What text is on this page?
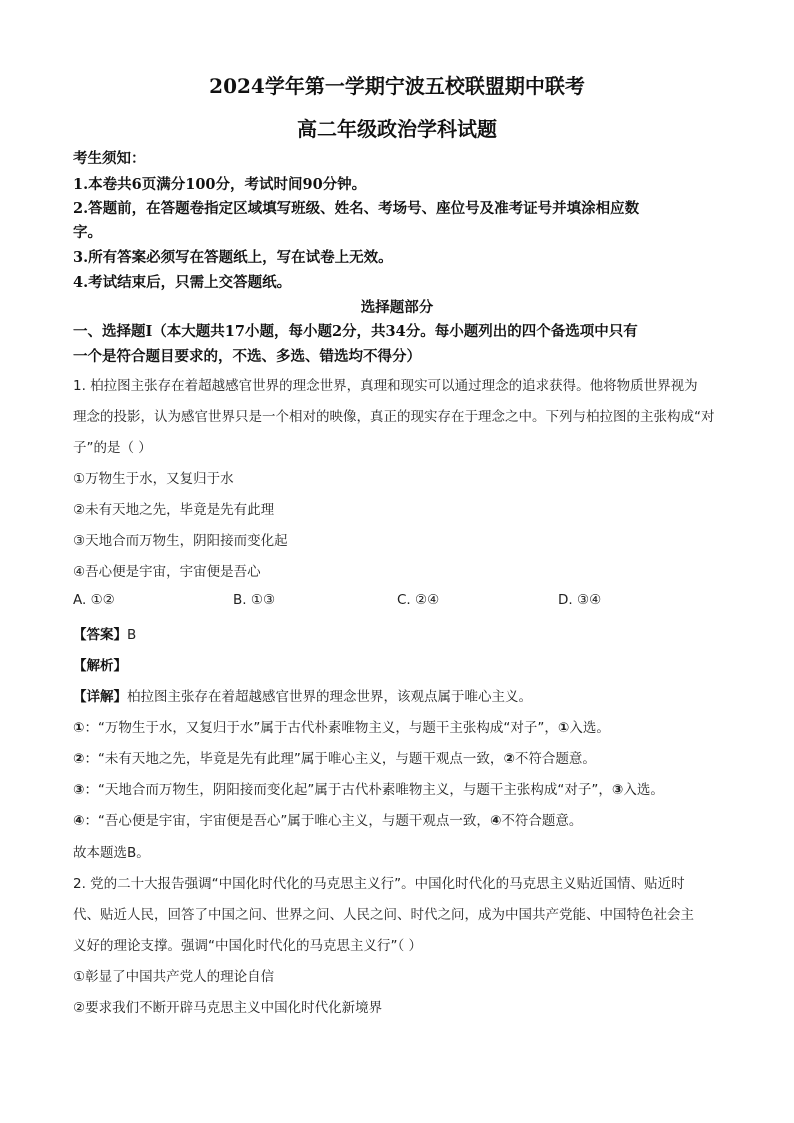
2024学年第一学期宁波五校联盟期中联考
高二年级政治学科试题
考生须知：
1.本卷共6页满分100分，考试时间90分钟。
2.答题前，在答题卷指定区域填写班级、姓名、考场号、座位号及准考证号并填涂相应数
字。
3.所有答案必须写在答题纸上，写在试卷上无效。
4.考试结束后，只需上交答题纸。
选择题部分
一、选择题Ⅰ（本大题共17小题，每小题2分，共34分。每小题列出的四个备选项中只有
一个是符合题目要求的，不选、多选、错选均不得分）
1. 柏拉图主张存在着超越感官世界的理念世界，真理和现实可以通过理念的追求获得。他将物质世界视为
理念的投影，认为感官世界只是一个相对的映像，真正的现实存在于理念之中。下列与柏拉图的主张构成“对
子”的是（ ）
①万物生于水，又复归于水
②未有天地之先，毕竟是先有此理
③天地合而万物生，阴阳接而变化起
④吾心便是宇宙，宇宙便是吾心
A. ①②	B. ①③	C. ②④	D. ③④
【答案】B
【解析】
【详解】柏拉图主张存在着超越感官世界的理念世界，该观点属于唯心主义。
①：“万物生于水，又复归于水”属于古代朴素唯物主义，与题干主张构成“对子”，①入选。
②：“未有天地之先，毕竟是先有此理”属于唯心主义，与题干观点一致，②不符合题意。
③：“天地合而万物生，阴阳接而变化起”属于古代朴素唯物主义，与题干主张构成“对子”，③入选。
④：“吾心便是宇宙，宇宙便是吾心”属于唯心主义，与题干观点一致，④不符合题意。
故本题选B。
2. 党的二十大报告强调“中国化时代化的马克思主义行”。中国化时代化的马克思主义贴近国情、贴近时
代、贴近人民，回答了中国之问、世界之问、人民之问、时代之问，成为中国共产党能、中国特色社会主
义好的理论支撑。强调“中国化时代化的马克思主义行”（ ）
①彰显了中国共产党人的理论自信
②要求我们不断开辟马克思主义中国化时代化新境界
